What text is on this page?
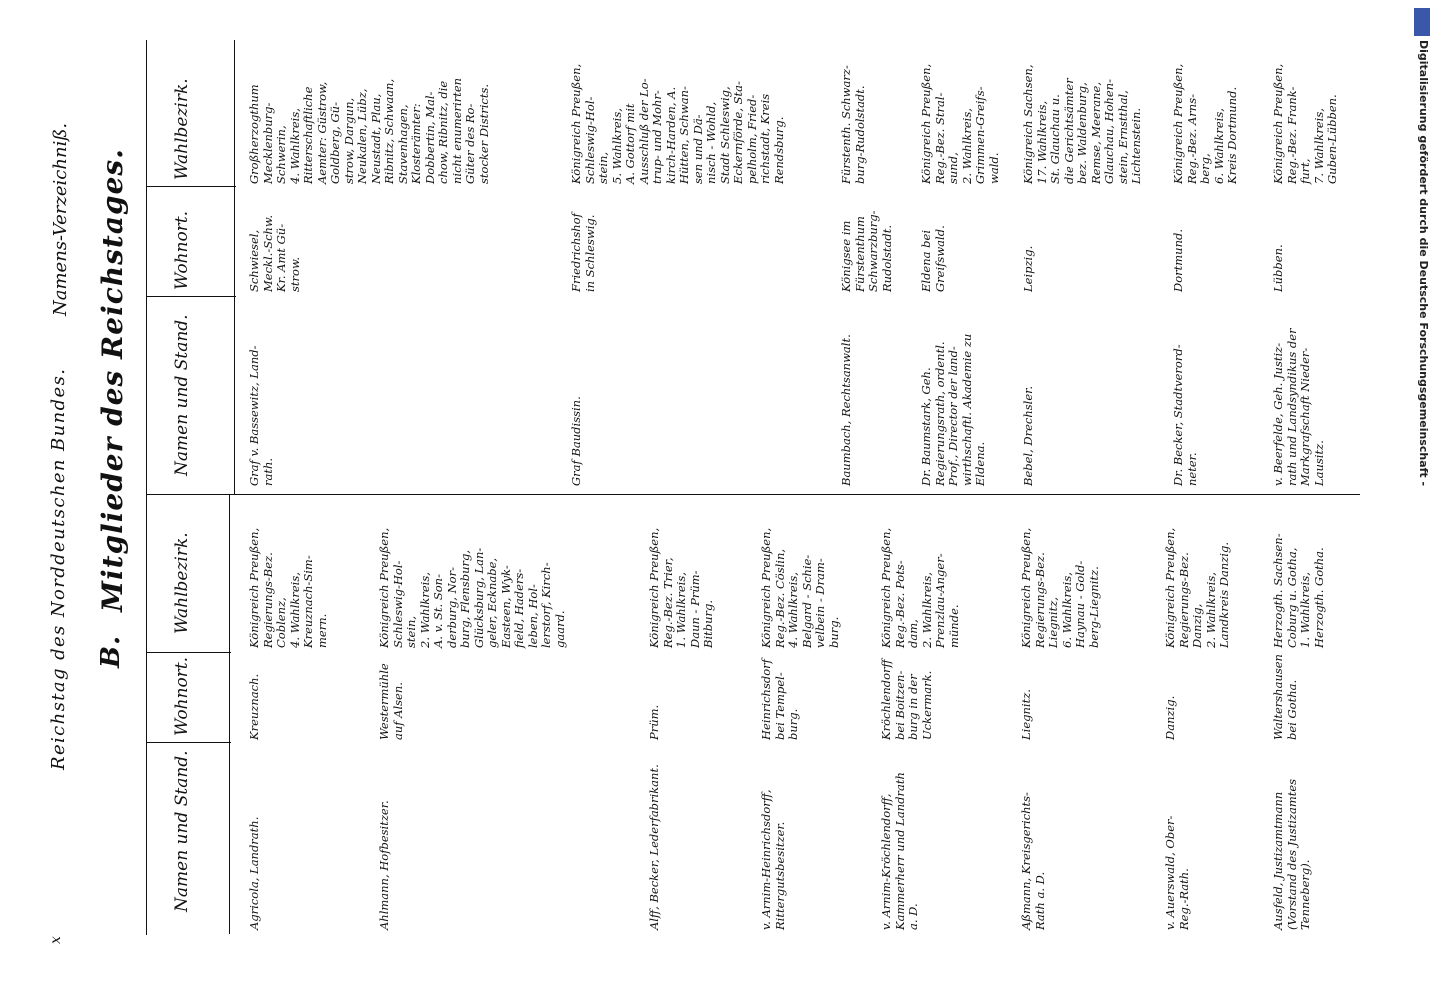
x
Reichstag des Norddeutschen Bundes.
Namens-Verzeichniß.
B.
Mitglieder des Reichstages.
Namen und Stand.
Wohnort.
Wahlbezirk.
Namen und Stand.
Wohnort.
Wahlbezirk.
Agricola, Landrath.
Kreuznach.
Königreich Preußen, Regierungs-Bez. Coblenz, 4. Wahlkreis, Kreuznach-Sim- mern.
Ahlmann, Hofbesitzer.
Westermühle auf Alsen.
Königreich Preußen, Schleswig-Hol- stein, 2. Wahlkreis, A. v. St. Son- derburg, Nor- burg, Flensburg, Glücksburg, Lan- geler, Ecknabe, Easteen, Wyk- field, Haders- leben, Hol- lerstorf, Kirch- gaard.
Alff, Becker, Lederfabrikant.
Prüm.
Königreich Preußen, Reg.-Bez. Trier, 1. Wahlkreis, Daun - Prüm- Bitburg.
v. Arnim-Heinrichsdorff, Rittergutsbesitzer.
Heinrichsdorf bei Tempel- burg.
Königreich Preußen, Reg.-Bez. Cöslin, 4. Wahlkreis, Belgard - Schie- velbein - Dram- burg.
v. Arnim-Kröchlendorff, Kammerherr und Landrath a. D.
Kröchlendorff bei Boitzen- burg in der Uckermark.
Königreich Preußen, Reg.-Bez. Pots- dam, 2. Wahlkreis, Prenzlau-Anger- münde.
Aßmann, Kreisgerichts- Rath a. D.
Liegnitz.
Königreich Preußen, Regierungs-Bez. Liegnitz, 6. Wahlkreis, Haynau - Gold- berg-Liegnitz.
v. Auerswald, Ober- Reg.-Rath.
Danzig.
Königreich Preußen, Regierungs-Bez. Danzig, 2. Wahlkreis, Landkreis Danzig.
Ausfeld, Justizamtmann (Vorstand des Justizamtes Tenneberg).
Waltershausen bei Gotha.
Herzogth. Sachsen- Coburg u. Gotha, 1. Wahlkreis, Herzogth. Gotha.
Graf v. Bassewitz, Land- rath.
Schwiesel, Meckl.-Schw. Kr. Amt Gü- strow.
Großherzogthum Mecklenburg- Schwerin, 4. Wahlkreis, Ritterschaftliche Aemter: Güstrow, Goldberg, Gü- strow, Dargun, Neukalen, Lübz, Neustadt, Plau, Ribnitz, Schwaan, Stavenhagen, Klosterämter: Dobbertin, Mal- chow, Ribnitz, die nicht enumerirten Güter des Ro- stocker Districts.
Graf Baudissin.
Friedrichshof in Schleswig.
Königreich Preußen, Schleswig-Hol- stein, 5. Wahlkreis, A. Gottorf mit Ausschluß der Lo- trup- und Mohr- kirch-Harden, A. Hütten, Schwan- sen und Dä- nisch - Wohld, Stadt Schleswig, Eckernförde, Sta- pelholm, Fried- richstadt, Kreis Rendsburg.
Baumbach, Rechtsanwalt.
Königsee im Fürstenthum Schwarzburg- Rudolstadt.
Fürstenth. Schwarz- burg-Rudolstadt.
Dr. Baumstark, Geh. Regierungsrath, ordentl. Prof., Director der land- wirthschaftl. Akademie zu Eldena.
Eldena bei Greifswald.
Königreich Preußen, Reg.-Bez. Stral- sund, 2. Wahlkreis, Grimmen-Greifs- wald.
Bebel, Drechsler.
Leipzig.
Königreich Sachsen, 17. Wahlkreis, St. Glauchau u. die Gerichtsämter bez. Waldenburg, Remse, Meerane, Glauchau, Hohen- stein, Ernstthal, Lichtenstein.
Dr. Becker, Stadtverord- neter.
Dortmund.
Königreich Preußen, Reg.-Bez. Arns- berg, 6. Wahlkreis, Kreis Dortmund.
v. Beerfelde, Geh. Justiz- rath und Landsyndikus der Markgrafschaft Nieder- Lausitz.
Lübben.
Königreich Preußen, Reg.-Bez. Frank- furt, 7. Wahlkreis, Guben-Lübben.	Digitalisierung gefördert durch die Deutsche Forschungsgemeinschaft -
